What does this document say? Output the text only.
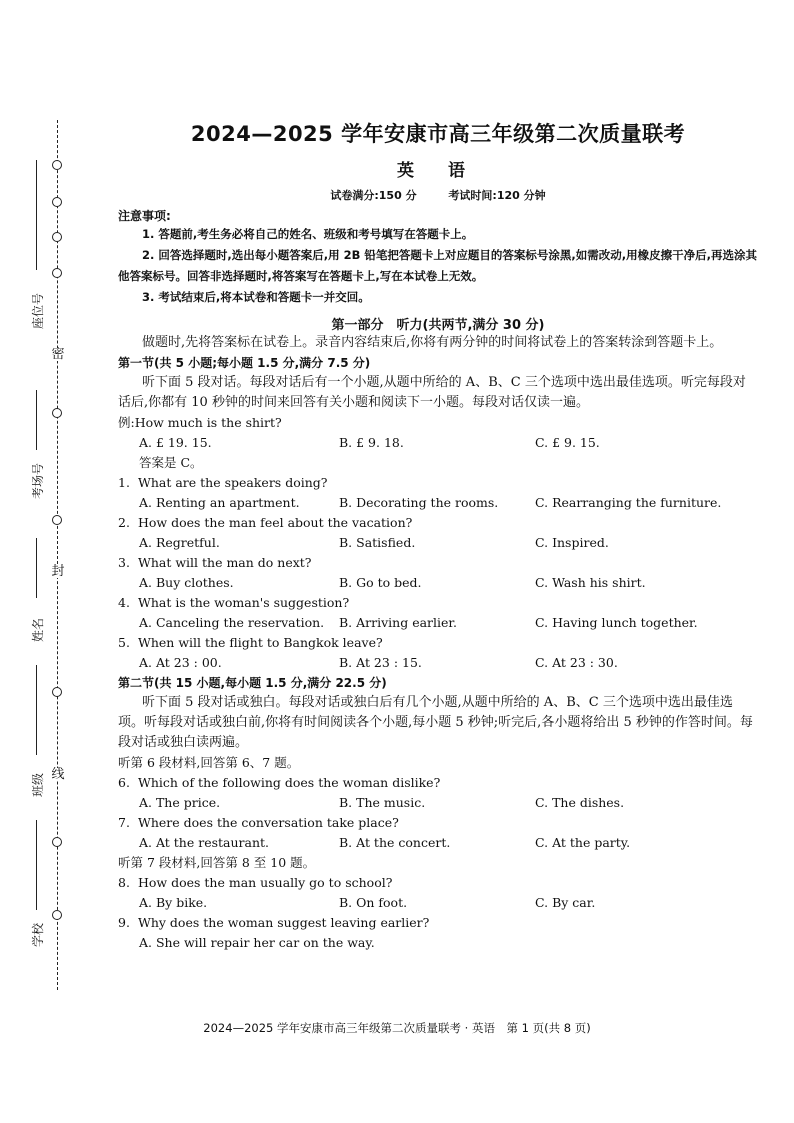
密
封
线
座位号
考场号
姓名
班级
学校
2024—2025 学年安康市高三年级第二次质量联考
英 语
试卷满分:150 分	考试时间:120 分钟
注意事项:

1. 答题前,考生务必将自己的姓名、班级和考号填写在答题卡上。

2. 回答选择题时,选出每小题答案后,用 2B 铅笔把答题卡上对应题目的答案标号涂黑,如需改动,用橡皮擦干净后,再选涂其他答案标号。回答非选择题时,将答案写在答题卡上,写在本试卷上无效。

3. 考试结束后,将本试卷和答题卡一并交回。

第一部分　听力(共两节,满分 30 分)

做题时,先将答案标在试卷上。录音内容结束后,你将有两分钟的时间将试卷上的答案转涂到答题卡上。

第一节(共 5 小题;每小题 1.5 分,满分 7.5 分)

听下面 5 段对话。每段对话后有一个小题,从题中所给的 A、B、C 三个选项中选出最佳选项。听完每段对话后,你都有 10 秒钟的时间来回答有关小题和阅读下一小题。每段对话仅读一遍。

例:How much is the shirt?
A. £ 19. 15.	B. £ 9. 18.	C. £ 9. 15.
答案是 C。
1. What are the speakers doing?
A. Renting an apartment.	B. Decorating the rooms.	C. Rearranging the furniture.
2. How does the man feel about the vacation?
A. Regretful.	B. Satisfied.	C. Inspired.
3. What will the man do next?
A. Buy clothes.	B. Go to bed.	C. Wash his shirt.
4. What is the woman's suggestion?
A. Canceling the reservation.	B. Arriving earlier.	C. Having lunch together.
5. When will the flight to Bangkok leave?
A. At 23 : 00.	B. At 23 : 15.	C. At 23 : 30.
第二节(共 15 小题,每小题 1.5 分,满分 22.5 分)

听下面 5 段对话或独白。每段对话或独白后有几个小题,从题中所给的 A、B、C 三个选项中选出最佳选项。听每段对话或独白前,你将有时间阅读各个小题,每小题 5 秒钟;听完后,各小题将给出 5 秒钟的作答时间。每段对话或独白读两遍。

听第 6 段材料,回答第 6、7 题。
6. Which of the following does the woman dislike?
A. The price.	B. The music.	C. The dishes.
7. Where does the conversation take place?
A. At the restaurant.	B. At the concert.	C. At the party.
听第 7 段材料,回答第 8 至 10 题。
8. How does the man usually go to school?
A. By bike.	B. On foot.	C. By car.
9. Why does the woman suggest leaving earlier?
A. She will repair her car on the way.
2024—2025 学年安康市高三年级第二次质量联考 · 英语　第 1 页(共 8 页)
